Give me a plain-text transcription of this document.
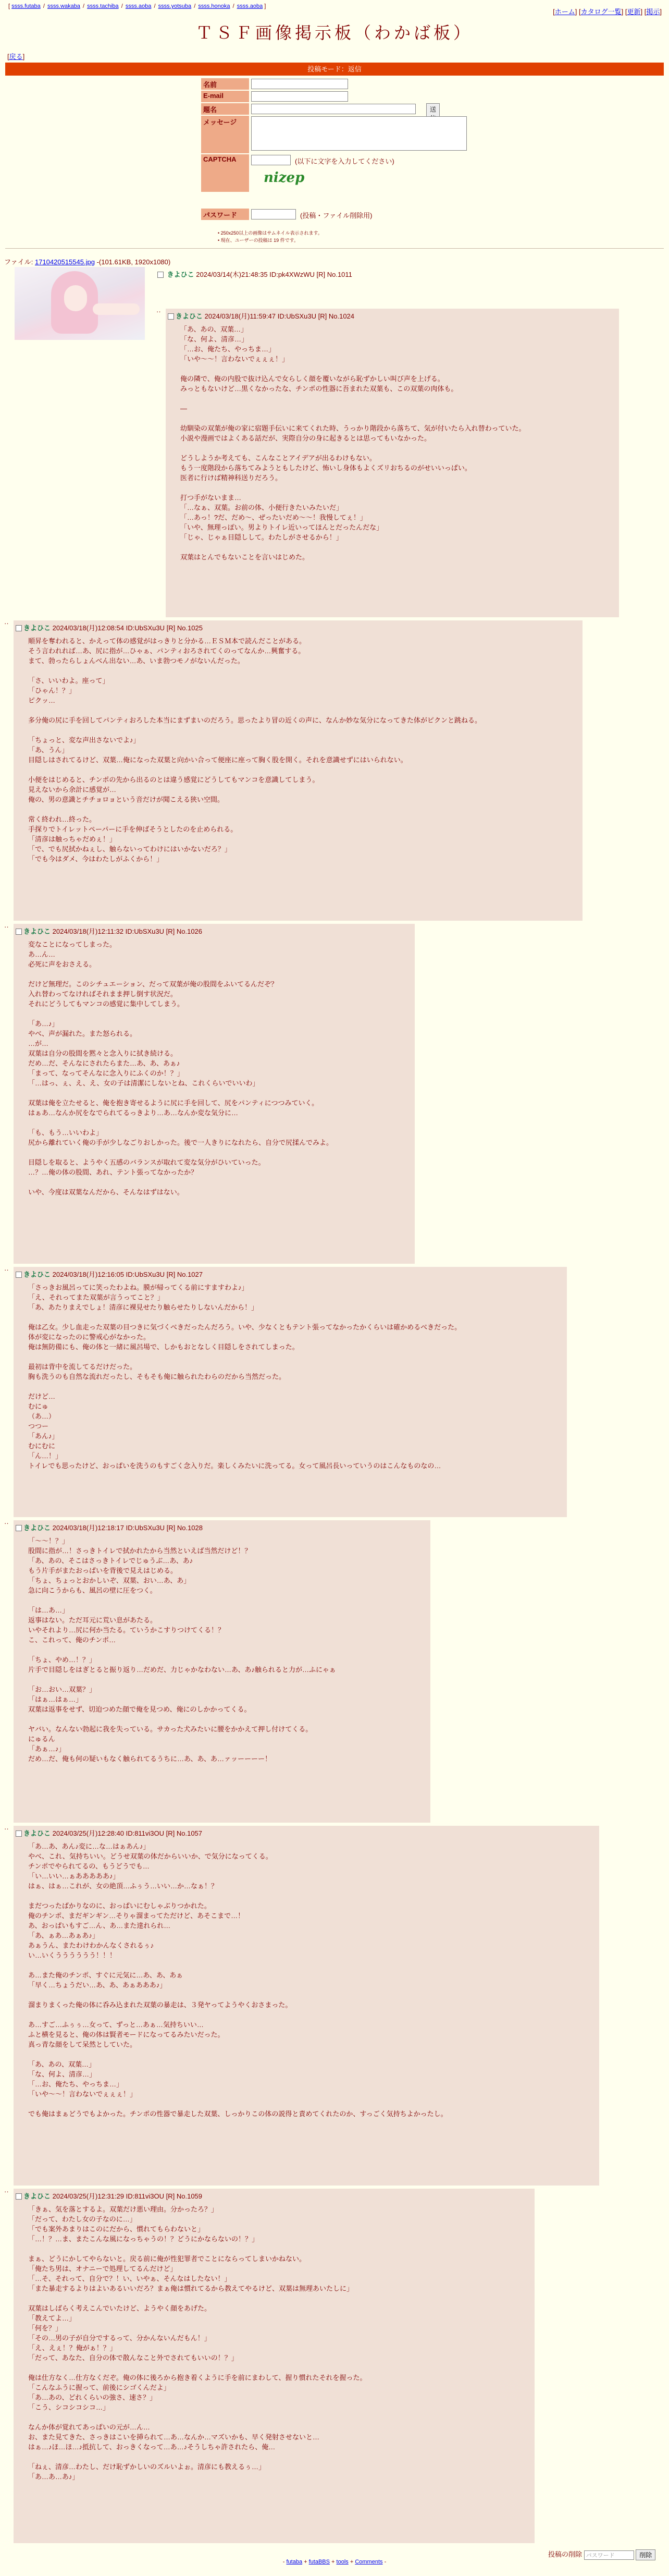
[ ssss.futaba / ssss.wakaba / ssss.tachiba / ssss.aoba / ssss.yotsuba / ssss.honoka / ssss.aoba ]
[ホーム] [カタログ一覧] [更新] [掲示]
ＴＳＦ画像掲示板（わかば板）
[戻る]
投稿モード：返信
名前
E-mail
題名	送
メッセージ
CAPTCHA	(以下に文字を入力してください)
nizep
パスワード	(投稿・ファイル削除用)
• 250x250以上の画像はサムネイル表示されます。
• 現在、ユーザーの投稿は 19 件です。
ファイル: 1710420515545.jpg -(101.61KB, 1920x1080)
きよひこ 2024/03/14(木)21:48:35 ID:pk4XWzWU [R] No.1011
··
きよひこ 2024/03/18(月)11:59:47 ID:UbSXu3U [R] No.1024
「あ、あの、双葉…」
「な、何よ、清彦…」
「…お、俺たち、やっちま…」
「いや〜〜！言わないでぇぇぇ！」

俺の隣で、俺の内股で抜け込んで女らしく顔を覆いながら恥ずかしい叫び声を上げる。
みっともないけど…黒くなかったな、チンポの性器に吾まれた双葉も、この双葉の肉体も。

―

幼馴染の双葉が俺の家に宿題手伝いに来てくれた時、うっかり階段から落ちて、気が付いたら入れ替わっていた。
小説や漫画ではよくある話だが、実際自分の身に起きるとは思ってもいなかった。

どうしようか考えても、こんなことアイデアが出るわけもない。
もう一度階段から落ちてみようともしたけど、怖いし身体もよくズリおちるのがせいいっぱい。
医者に行けば精神科送りだろう。

打つ手がないまま…
「…なぁ、双葉。お前の体、小便行きたいみたいだ」
「…あっ！?だ、だめ〜、ぜったいだめ〜〜！我慢してぇ！」
「いや、無理っぽい。男よりトイレ近いってほんとだったんだな」
「じゃ、じゃぁ目隠しして。わたしがさせるから！」

双葉はとんでもないことを言いはじめた。
··
きよひこ 2024/03/18(月)12:08:54 ID:UbSXu3U [R] No.1025
順昇を奪われると、かえって体の感覚がはっきりと分かる…ＥＳＭ本で読んだことがある。
そう言われれば…あ、尻に指が…ひゃぁ、パンティおろされてくのってなんか…興奮する。
まて、勃ったらしょんべん出ない…あ、いま勃つモノがないんだった。

「さ、いいわよ。座って」
「ひゃん！？」
ピクッ…

多分俺の尻に手を回してパンティおろした本当にまずまいのだろう。思ったより冒の近くの声に、なんか妙な気分になってきた体がピクンと跳ねる。

「ちょっと、変な声出さないでよ♪」
「あ、うん」
目隠しはされてるけど、双葉…俺になった双葉と向かい合って便座に座って胸く股を開く。それを意識せずにはいられない。

小便をはじめると、チンポの先から出るのとは違う感覚にどうしてもマンコを意識してしまう。
見えないから余計に感覚が…
俺の、男の意識とチチョロョという音だけが聞こえる狭い空間。

常く終われ…終った。
手探りでトイレットペーパーに手を伸ばそうとしたのを止められる。
「清彦は触っちゃだめぇ！」
「で、でも尻拭かねぇし、触らないってわけにはいかないだろ？」
「でも今はダメ、今はわたしがふくから！」
··
きよひこ 2024/03/18(月)12:11:32 ID:UbSXu3U [R] No.1026
変なことになってしまった。
あ…ん…
必死に声をおさえる。

だけど無理だ。このシチュエーション、だって双葉が俺の股間をふいてるんだぞ？
入れ替わってなければそれまま押し倒す状況だ。
それにどうしてもマンコの感覚に集中してしまう。

「あ…♪」
やべ、声が漏れた。また怒られる。
…が…
双葉は自分の股間を黙々と念入りに拭き続ける。
だめ…だ、そんなにされたらまた…あ、あ、あぁ♪
「まって、なってそんなに念入りにふくのか！？」
「…はっ、ぇ、え、え、女の子は清潔にしないとね、これくらいでいいわ」

双葉は俺を立たせると、俺を抱き寄せるように尻に手を回して、尻をパンティにつつみていく。
はぁあ…なんか尻をなでられてるっきより…あ…なんか変な気分に…

「も、もう…いいわよ」
尻から離れていく俺の手が少しなごりおしかった。後で一人きりになれたら、自分で尻揉んでみよ。

目隠しを取ると、ようやく五感のバランスが取れて変な気分がひいていった。
…？…俺の体の股間、あれ、テント張ってなかったか？

いや、今度は双葉なんだから、そんなはずはない。
··
きよひこ 2024/03/18(月)12:16:05 ID:UbSXu3U [R] No.1027
「さっきお風呂ってに笑ったわよね。膜が帰ってくる前にすますわよ♪」
「え、それってまた双葉が言うってこと？」
「あ、あたりまえでしょ！清彦に裸見せたり触らせたりしないんだから！」

俺は乙女。少し血走った双葉の目つきに気づくべきだったんだろう。いや、少なくともテント張ってなかったかくらいは確かめるべきだった。
体が変になったのに警戒心がなかった。
俺は無防備にも、俺の体と一緒に風呂場で、しかもおとなしく目隠しをされてしまった。

最初は背中を流してるだけだった。
胸も洗うのも自然な流れだったし、そもそも俺に触られたわらのだから当然だった。

だけど…
むにゅ
（あ…）
つつー
「あん♪」
むにむに
「ん…！」
トイレでも思ったけど、おっぱいを洗うのもすごく念入りだ。楽しくみたいに洗ってる。女って風呂長いっていうのはこんなものなの…
··
きよひこ 2024/03/18(月)12:18:17 ID:UbSXu3U [R] No.1028
「〜〜！？」
股間に指が…！さっきトイレで拭かれたから当然といえば当然だけど！？
「あ、あの、そこはさっきトイレでじゅうぶ…あ、あ♪
もう片手がまたおっぱいを背後で見えはじめる。
「ちょ、ちょっとおかしいぞ、双葉、おい…あ、あ」
急に向こうからも、風呂の壁に圧をつく。

「は…あ…」
返事はない。ただ耳元に荒い息があたる。
いやそれより…尻に何か当たる。ていうかこすりつけてくる！？
こ、これって、俺のチンポ…

「ちょ、やめ…！？」
片手で目隠しをはぎとると振り返り…だめだ、力じゃかなわない…あ、あ♪触られると力が…ふにゃぁ

「お…おい…双葉？」
「はぁ…はぁ…」
双葉は返事をせず、切迫つめた顔で俺を見つめ、俺にのしかかってくる。

ヤバい。なんない勃起に我を失っている。サカった犬みたいに腰をかかえて押し付けてくる。
にゅるん
「あぁ…♪」
だめ…だ、俺も何の疑いもなく触られてるうちに…あ、あ、あ…ァッーーーー！
··
きよひこ 2024/03/25(月)12:28:40 ID:811vi3OU [R] No.1057
「あ…あ、あん♪変に…な…はぁあん♪」
やべ、これ、気持ちいい。どうせ双葉の体だからいいか、で気分になってくる。
チンポでやられてるの、もうどうでも…
「い…いい…ぁあああああ♪」
はぁ、はぁ…これが、女の絶頂…ふぅう…いい…か…なぁ！？

まだつったばかりなのに、おっぱいにむしゃぶりつかれた。
俺のチンポ、まだギンギン…そりゃ溜まってただけど、あそこまで…！
あ、おっぱいもすご…ん、あ…また達れられ…
「あ、ぁあ…あぁあ♪」
あぁうん、またわけわかんなくされるぅ♪
い…いくうううううう！！！

あ…また俺のチンポ、すぐに元気に…あ、あ、あぁ
「早く…ちょうだい…あ、あ、あぁあああ♪」

溜まりまくった俺の体に呑み込まれた双葉の暴走は、３発ヤってようやくおさまった。

あ…すご…ふぅぅ…女って、ずっと…あぁ…気持ちいい…
ふと横を見ると、俺の体は賢者モードになってるみたいだった。
真っ青な顔をして呆然としていた。

「あ、あの、双葉…」
「な、何よ、清彦…」
「…お、俺たち、やっちま…」
「いや〜〜！言わないでぇぇぇ！」

でも俺はまぁどうでもよかった。チンポの性器で暴走した双葉、しっかりこの体の説得と責めてくれたのか、すっごく気持ちよかったし。
··
きよひこ 2024/03/25(月)12:31:29 ID:811vi3OU [R] No.1059
「きぁ、気を落とするよ。双葉だけ悪い理由。分かったろ？」
「だって、わたし女の子なのに…」
「でも案外あまりはこのにだから、慣れてもらわないと」
「…！？…ま、またこんな風になっちゃうの！？どうにかならないの！？」

まぁ、どうにかしてやらないと。戻る前に俺が性犯罪者でことにならってしまいかねない。
「俺たち男は、オナニーで処理してるんだけど」
「…そ、それって、自分で？！い、いやぁ、そんなはしたない！」
「また暴走するよりはよいあるいいだろ？まぁ俺は慣れてるから教えてやるけど、双葉は無理あいたしに」

双葉はしばらく考えこんでいたけど、ようやく顔をあげた。
「教えてよ…」
「何を？」
「その…男の子が自分でするって、分かんないんだもん！」
「え、えぇ！？俺がぁ！？」
「だって、あなた、自分の体で散んなこと外でされてもいいの！？」

俺は仕方なく…仕方なくだぞ。俺の体に後ろから抱き着くように手を前にまわして、握り慣れたそれを握った。
「こんなふうに握って、前後にシゴくんだよ」
「あ…あの、どれくらいの強さ、速さ？」
「こう、シコシコシコ…」

なんか体が覚れてあっぱいの元が…ん…
お、また見てきた、さっきはこいを挿られて…あ…なんか…マズいかも、早く発射させないと…
はぁ…♪ほ…ほ…♪抵抗して、おっきくなって…あ…♪そうしちゃ許されたら、俺…

「ねぇ、清彦…わたし、だけ恥ずかしいのズルいよぉ。清彦にも教えるぅ…」
「あ…あ…あ♪」
投稿の削除 パスワード	削除
- futaba + futaBBS + tools + Comments -
